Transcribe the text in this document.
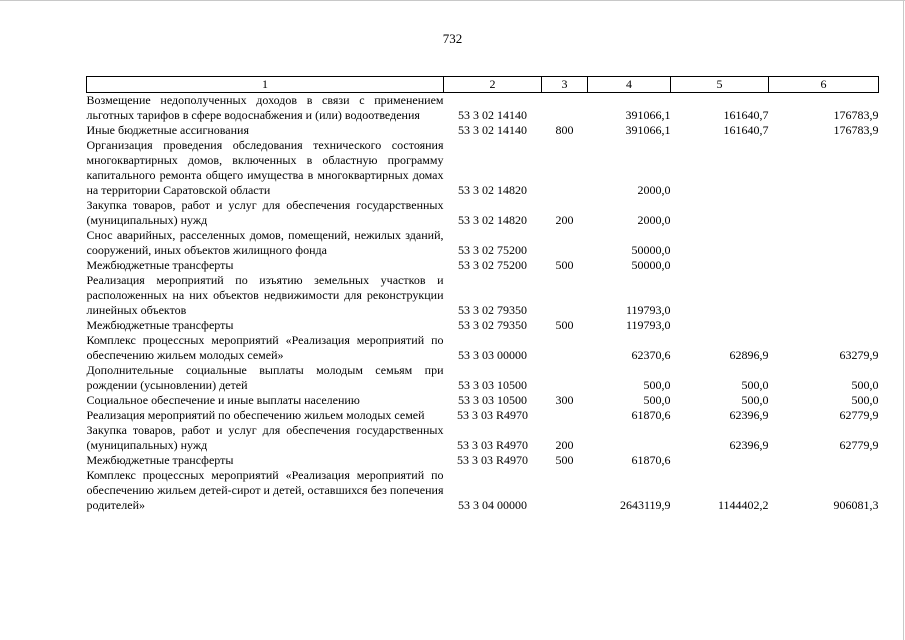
732
1	2	3	4	5	6
Возмещение недополученных доходов в связи с применением льготных тарифов в сфере водоснабжения и (или) водоотведения	53 3 02 14140		391066,1	161640,7	176783,9
Иные бюджетные ассигнования	53 3 02 14140	800	391066,1	161640,7	176783,9
Организация проведения обследования технического состояния многоквартирных домов, включенных в областную программу капитального ремонта общего имущества в многоквартирных домах на территории Саратовской области	53 3 02 14820		2000,0		
Закупка товаров, работ и услуг для обеспечения государственных (муниципальных) нужд	53 3 02 14820	200	2000,0		
Снос аварийных, расселенных домов, помещений, нежилых зданий, сооружений, иных объектов жилищного фонда	53 3 02 75200		50000,0		
Межбюджетные трансферты	53 3 02 75200	500	50000,0		
Реализация мероприятий по изъятию земельных участков и расположенных на них объектов недвижимости для реконструкции линейных объектов	53 3 02 79350		119793,0		
Межбюджетные трансферты	53 3 02 79350	500	119793,0		
Комплекс процессных мероприятий «Реализация мероприятий по обеспечению жильем молодых семей»	53 3 03 00000		62370,6	62896,9	63279,9
Дополнительные социальные выплаты молодым семьям при рождении (усыновлении) детей	53 3 03 10500		500,0	500,0	500,0
Социальное обеспечение и иные выплаты населению	53 3 03 10500	300	500,0	500,0	500,0
Реализация мероприятий по обеспечению жильем молодых семей	53 3 03 R4970		61870,6	62396,9	62779,9
Закупка товаров, работ и услуг для обеспечения государственных (муниципальных) нужд	53 3 03 R4970	200		62396,9	62779,9
Межбюджетные трансферты	53 3 03 R4970	500	61870,6		
Комплекс процессных мероприятий «Реализация мероприятий по обеспечению жильем детей-сирот и детей, оставшихся без попечения родителей»	53 3 04 00000		2643119,9	1144402,2	906081,3
